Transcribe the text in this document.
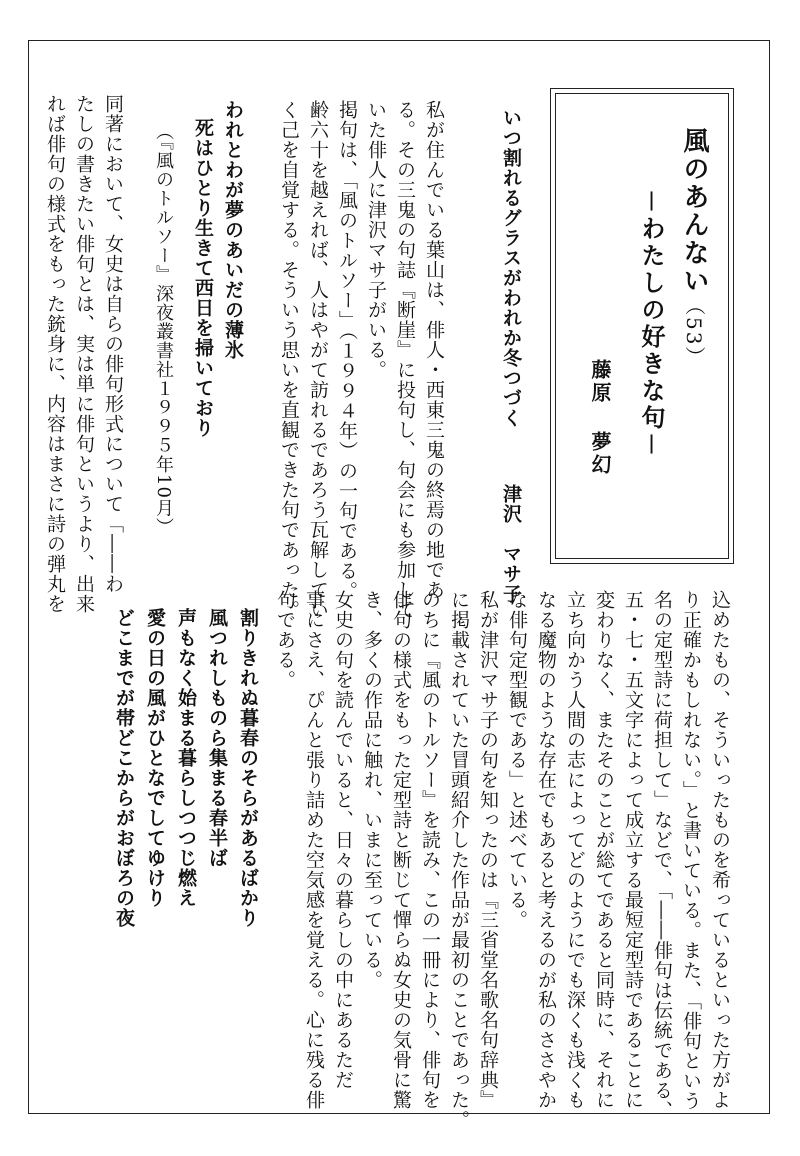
風のあんない（53）
－わたしの好きな句－
藤原夢幻
いつ割れるグラスがわれか冬つづく津沢　マサ子
私が住んでいる葉山は、俳人・西東三鬼の終焉の地であ
る。その三鬼の句誌『断崖』に投句し、句会にも参加して
いた俳人に津沢マサ子がいる。
掲句は、「風のトルソー」（１９９４年）の一句である。
齢六十を越えれば、人はやがて訪れるであろう瓦解してい
く己を自覚する。そういう思いを直観できた句であった。
われとわが夢のあいだの薄氷
死はひとり生きて西日を掃いており
（『風のトルソー』深夜叢書社１９９５年10月）
同著において、女史は自らの俳句形式について「――わ
たしの書きたい俳句とは、実は単に俳句というより、出来
れば俳句の様式をもった銃身に、内容はまさに詩の弾丸を
込めたもの、そういったものを希っているといった方がよ
り正確かもしれない。」と書いている。また、「俳句という
名の定型詩に荷担して」などで、「――俳句は伝統である、
五・七・五文字によって成立する最短定型詩であることに
変わりなく、またそのことが総てであると同時に、それに
立ち向かう人間の志によってどのようにでも深くも浅くも
なる魔物のような存在でもあると考えるのが私のささやか
な俳句定型観である」と述べている。
私が津沢マサ子の句を知ったのは『三省堂名歌名句辞典』
に掲載されていた冒頭紹介した作品が最初のことであった。
のちに『風のトルソー』を読み、この一冊により、俳句を
俳句の様式をもった定型詩と断じて憚らぬ女史の気骨に驚
き、多くの作品に触れ、いまに至っている。
女史の句を読んでいると、日々の暮らしの中にあるただ
事にさえ、ぴんと張り詰めた空気感を覚える。心に残る俳
句である。
割りきれぬ暮春のそらがあるばかり
風つれしものら集まる春半ば
声もなく始まる暮らしつつじ燃え
愛の日の風がひとなでしてゆけり
どこまでが帯どこからがおぼろの夜
